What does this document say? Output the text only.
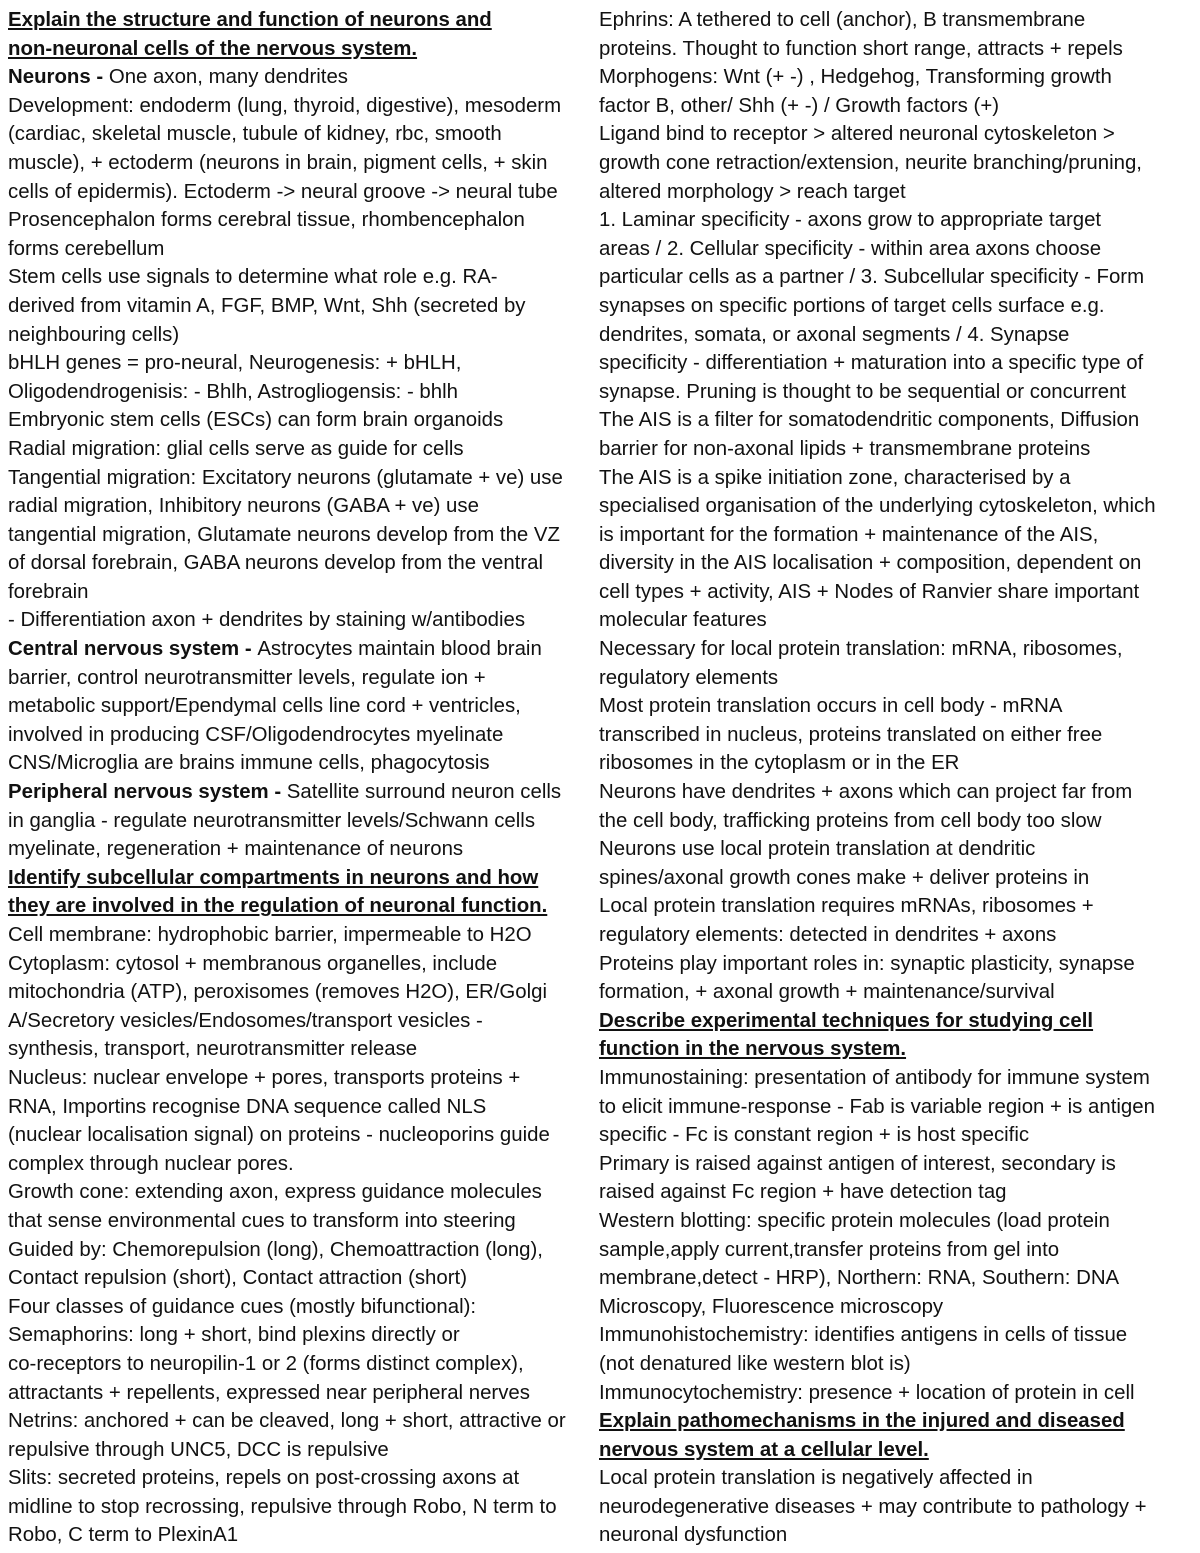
Explain the structure and function of neurons and
non-neuronal cells of the nervous system.
Neurons - One axon, many dendrites
Development: endoderm (lung, thyroid, digestive), mesoderm
(cardiac, skeletal muscle, tubule of kidney, rbc, smooth
muscle), + ectoderm (neurons in brain, pigment cells, + skin
cells of epidermis). Ectoderm -> neural groove -> neural tube
Prosencephalon forms cerebral tissue, rhombencephalon
forms cerebellum
Stem cells use signals to determine what role e.g. RA-
derived from vitamin A, FGF, BMP, Wnt, Shh (secreted by
neighbouring cells)
bHLH genes = pro-neural, Neurogenesis: + bHLH,
Oligodendrogenisis: - Bhlh, Astrogliogensis: - bhlh
Embryonic stem cells (ESCs) can form brain organoids
Radial migration: glial cells serve as guide for cells
Tangential migration: Excitatory neurons (glutamate + ve) use
radial migration, Inhibitory neurons (GABA + ve) use
tangential migration, Glutamate neurons develop from the VZ
of dorsal forebrain, GABA neurons develop from the ventral
forebrain
- Differentiation axon + dendrites by staining w/antibodies
Central nervous system - Astrocytes maintain blood brain
barrier, control neurotransmitter levels, regulate ion +
metabolic support/Ependymal cells line cord + ventricles,
involved in producing CSF/Oligodendrocytes myelinate
CNS/Microglia are brains immune cells, phagocytosis
Peripheral nervous system - Satellite surround neuron cells
in ganglia - regulate neurotransmitter levels/Schwann cells
myelinate, regeneration + maintenance of neurons
Identify subcellular compartments in neurons and how
they are involved in the regulation of neuronal function.
Cell membrane: hydrophobic barrier, impermeable to H2O
Cytoplasm: cytosol + membranous organelles, include
mitochondria (ATP), peroxisomes (removes H2O), ER/Golgi
A/Secretory vesicles/Endosomes/transport vesicles -
synthesis, transport, neurotransmitter release
Nucleus: nuclear envelope + pores, transports proteins +
RNA, Importins recognise DNA sequence called NLS
(nuclear localisation signal) on proteins - nucleoporins guide
complex through nuclear pores.
Growth cone: extending axon, express guidance molecules
that sense environmental cues to transform into steering
Guided by: Chemorepulsion (long), Chemoattraction (long),
Contact repulsion (short), Contact attraction (short)
Four classes of guidance cues (mostly bifunctional):
Semaphorins: long + short, bind plexins directly or
co-receptors to neuropilin-1 or 2 (forms distinct complex),
attractants + repellents, expressed near peripheral nerves
Netrins: anchored + can be cleaved, long + short, attractive or
repulsive through UNC5, DCC is repulsive
Slits: secreted proteins, repels on post-crossing axons at
midline to stop recrossing, repulsive through Robo, N term to
Robo, C term to PlexinA1
Ephrins: A tethered to cell (anchor), B transmembrane
proteins. Thought to function short range, attracts + repels
Morphogens: Wnt (+ -) , Hedgehog, Transforming growth
factor B, other/ Shh (+ -) / Growth factors (+)
Ligand bind to receptor > altered neuronal cytoskeleton >
growth cone retraction/extension, neurite branching/pruning,
altered morphology > reach target
1. Laminar specificity - axons grow to appropriate target
areas / 2. Cellular specificity - within area axons choose
particular cells as a partner / 3. Subcellular specificity - Form
synapses on specific portions of target cells surface e.g.
dendrites, somata, or axonal segments / 4. Synapse
specificity - differentiation + maturation into a specific type of
synapse. Pruning is thought to be sequential or concurrent
The AIS is a filter for somatodendritic components, Diffusion
barrier for non-axonal lipids + transmembrane proteins
The AIS is a spike initiation zone, characterised by a
specialised organisation of the underlying cytoskeleton, which
is important for the formation + maintenance of the AIS,
diversity in the AIS localisation + composition, dependent on
cell types + activity, AIS + Nodes of Ranvier share important
molecular features
Necessary for local protein translation: mRNA, ribosomes,
regulatory elements
Most protein translation occurs in cell body - mRNA
transcribed in nucleus, proteins translated on either free
ribosomes in the cytoplasm or in the ER
Neurons have dendrites + axons which can project far from
the cell body, trafficking proteins from cell body too slow
Neurons use local protein translation at dendritic
spines/axonal growth cones make + deliver proteins in
Local protein translation requires mRNAs, ribosomes +
regulatory elements: detected in dendrites + axons
Proteins play important roles in: synaptic plasticity, synapse
formation, + axonal growth + maintenance/survival
Describe experimental techniques for studying cell
function in the nervous system.
Immunostaining: presentation of antibody for immune system
to elicit immune-response - Fab is variable region + is antigen
specific - Fc is constant region + is host specific
Primary is raised against antigen of interest, secondary is
raised against Fc region + have detection tag
Western blotting: specific protein molecules (load protein
sample,apply current,transfer proteins from gel into
membrane,detect - HRP), Northern: RNA, Southern: DNA
Microscopy, Fluorescence microscopy
Immunohistochemistry: identifies antigens in cells of tissue
(not denatured like western blot is)
Immunocytochemistry: presence + location of protein in cell
Explain pathomechanisms in the injured and diseased
nervous system at a cellular level.
Local protein translation is negatively affected in
neurodegenerative diseases + may contribute to pathology +
neuronal dysfunction
